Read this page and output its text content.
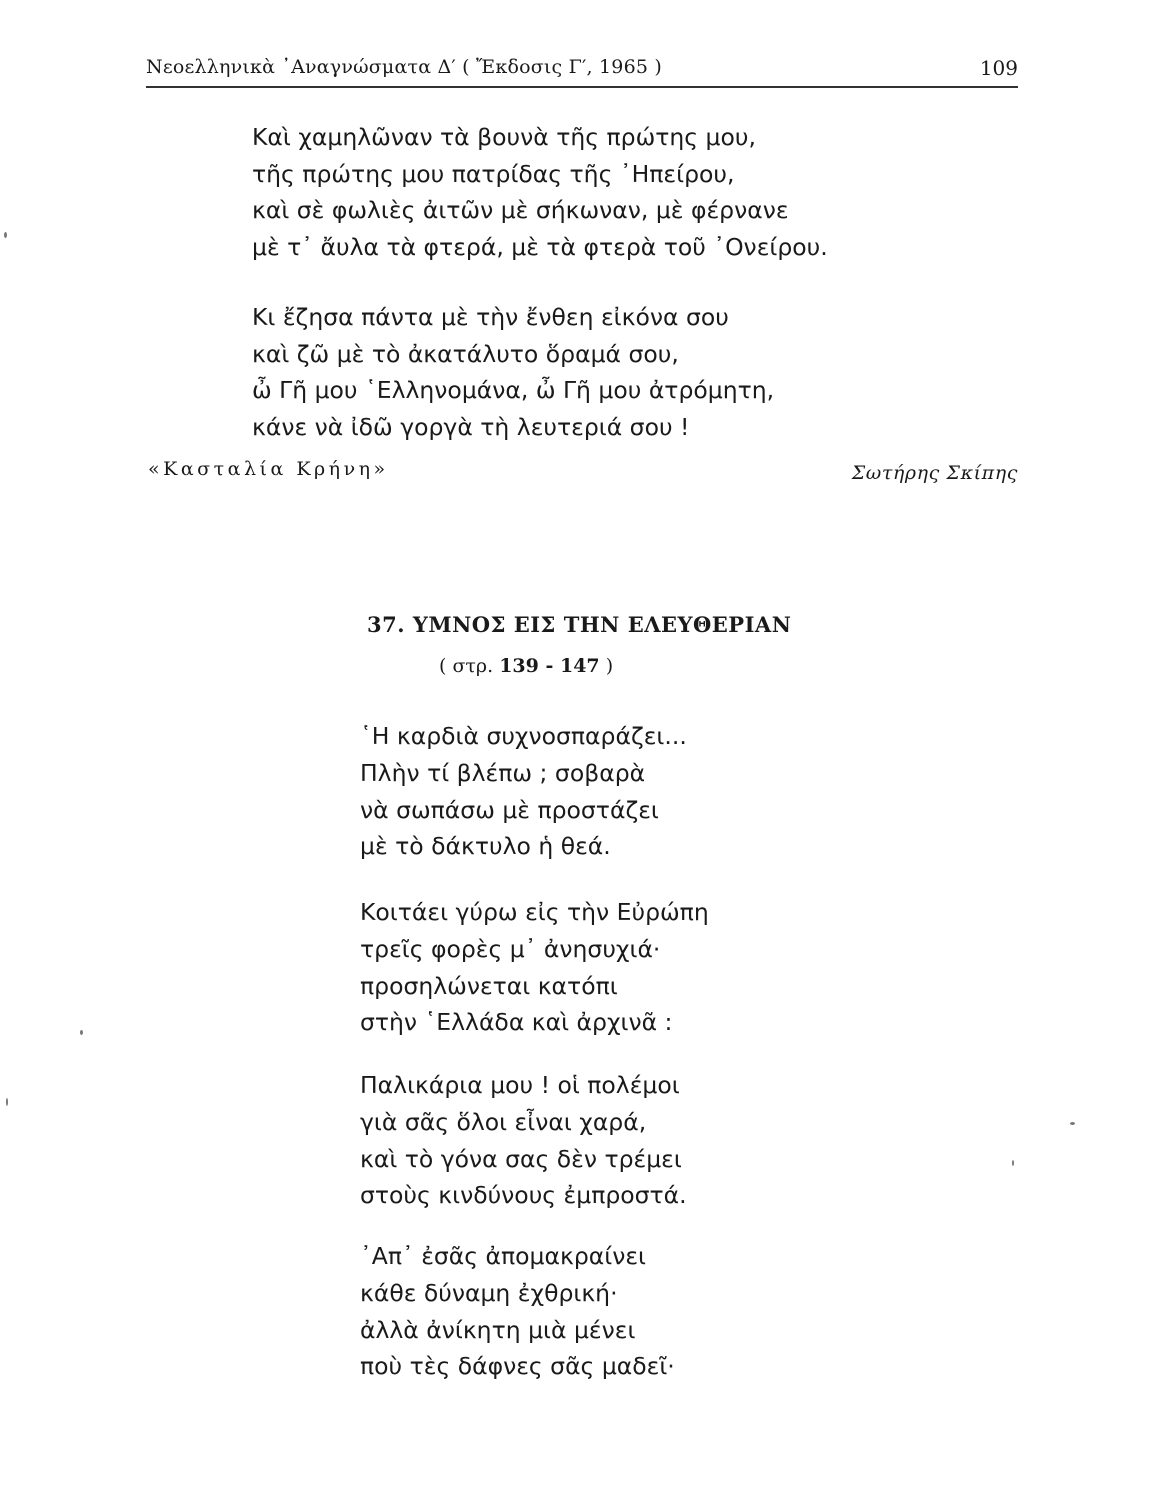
Νεοελληνικὰ ᾿Αναγνώσματα Δ′ ( Ἔκδοσις Γ′, 1965 )	109
Καὶ χαμηλῶναν τὰ βουνὰ τῆς πρώτης μου,
τῆς πρώτης μου πατρίδας τῆς ᾿Ηπείρου,
καὶ σὲ φωλιὲς ἀιτῶν μὲ σήκωναν, μὲ φέρνανε
μὲ τ᾿ ἄυλα τὰ φτερά, μὲ τὰ φτερὰ τοῦ ᾿Ονείρου.
Κι ἔζησα πάντα μὲ τὴν ἔνθεη εἰκόνα σου
καὶ ζῶ μὲ τὸ ἀκατάλυτο ὅραμά σου,
ὦ Γῆ μου ῾Ελληνομάνα, ὦ Γῆ μου ἀτρόμητη,
κάνε νὰ ἰδῶ γοργὰ τὴ λευτεριά σου !
«Κασταλία Κρήνη»	Σωτήρης Σκίπης
37. ΥΜΝΟΣ ΕΙΣ ΤΗΝ ΕΛΕΥΘΕΡΙΑΝ
( στρ. 139 - 147 )
῾Η καρδιὰ συχνοσπαράζει...
Πλὴν τί βλέπω ; σοβαρὰ
νὰ σωπάσω μὲ προστάζει
μὲ τὸ δάκτυλο ἡ θεά.
Κοιτάει γύρω εἰς τὴν Εὐρώπη
τρεῖς φορὲς μ᾿ ἀνησυχιά·
προσηλώνεται κατόπι
στὴν ῾Ελλάδα καὶ ἀρχινᾶ :
Παλικάρια μου ! οἱ πολέμοι
γιὰ σᾶς ὅλοι εἶναι χαρά,
καὶ τὸ γόνα σας δὲν τρέμει
στοὺς κινδύνους ἐμπροστά.
᾿Απ᾿ ἐσᾶς ἀπομακραίνει
κάθε δύναμη ἐχθρική·
ἀλλὰ ἀνίκητη μιὰ μένει
ποὺ τὲς δάφνες σᾶς μαδεῖ·
